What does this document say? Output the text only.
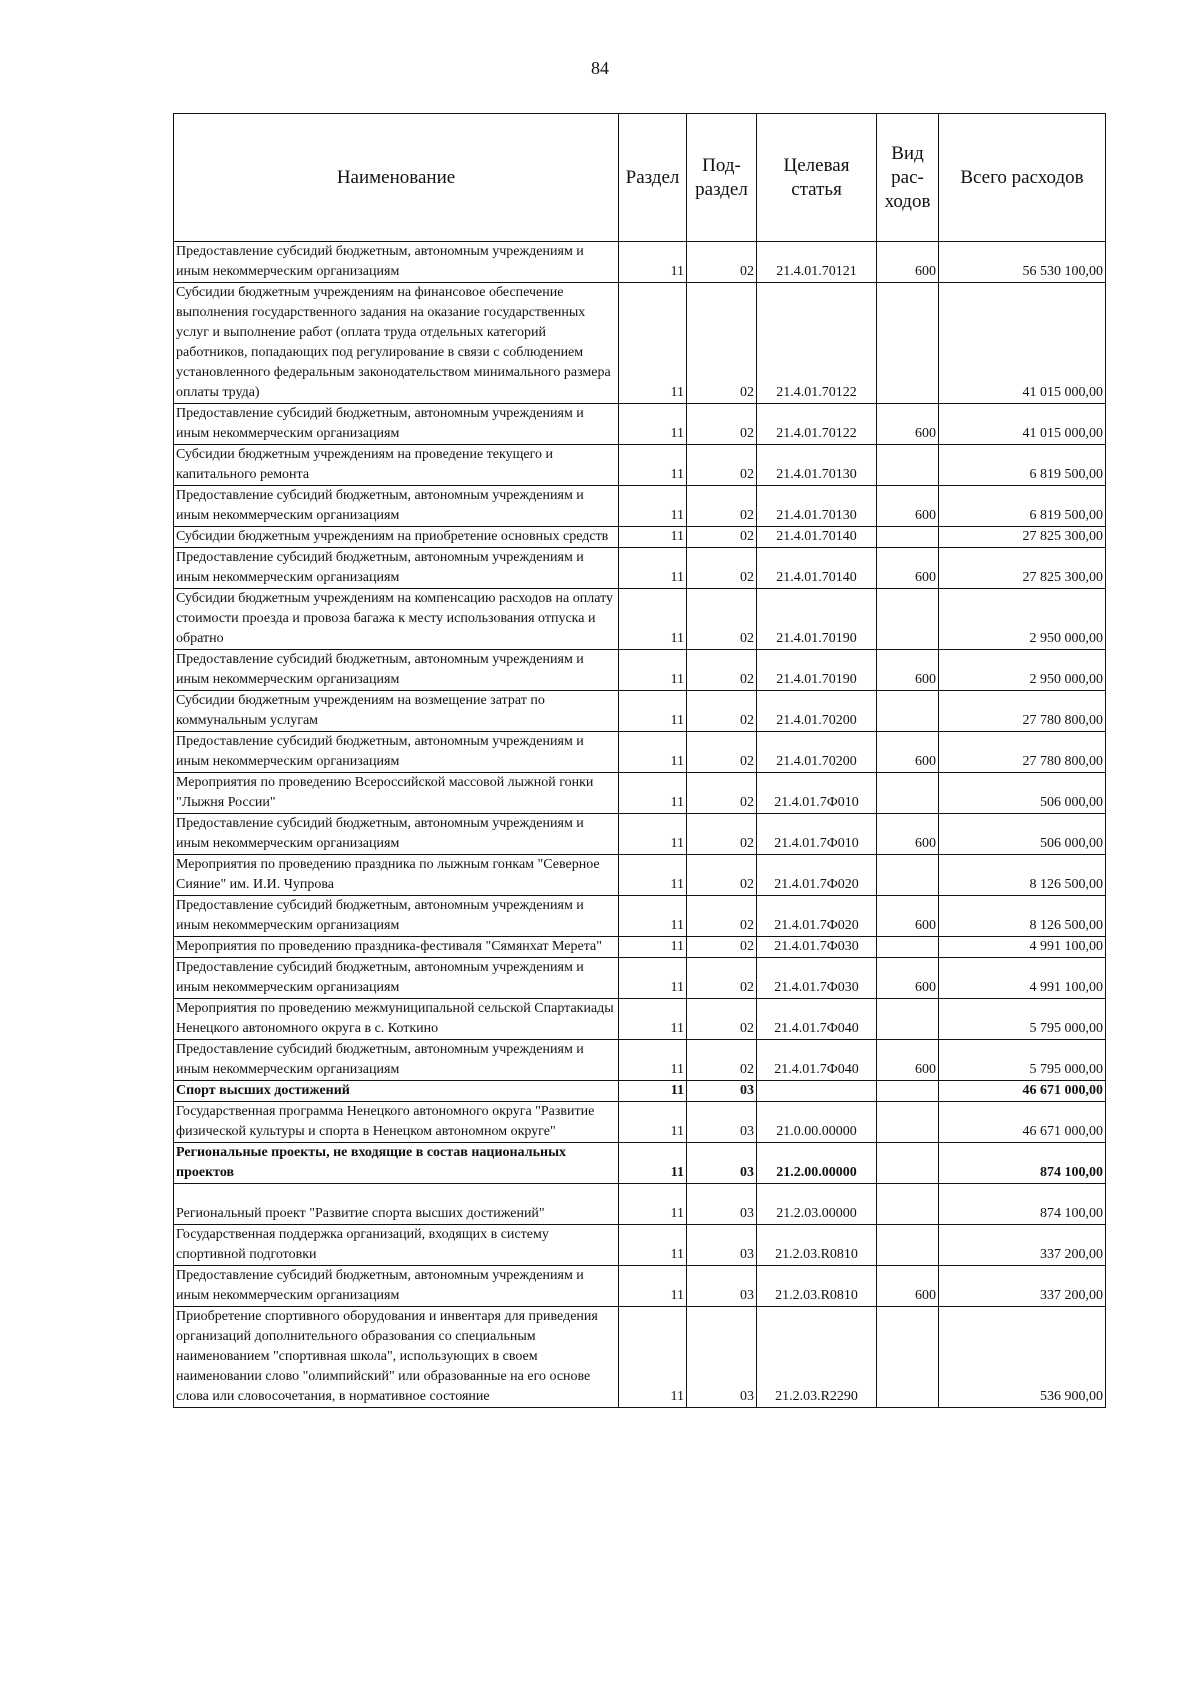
84
Наименование	Раздел	Под-раздел	Целевая статья	Вид рас-ходов	Всего расходов
Предоставление субсидий бюджетным, автономным учреждениям и иным некоммерческим организациям	11	02	21.4.01.70121	600	56 530 100,00
Субсидии бюджетным учреждениям на финансовое обеспечение выполнения государственного задания на оказание государственных услуг и выполнение работ (оплата труда отдельных категорий работников, попадающих под регулирование в связи с соблюдением установленного федеральным законодательством минимального размера оплаты труда)	11	02	21.4.01.70122		41 015 000,00
Предоставление субсидий бюджетным, автономным учреждениям и иным некоммерческим организациям	11	02	21.4.01.70122	600	41 015 000,00
Субсидии бюджетным учреждениям на проведение текущего и капитального ремонта	11	02	21.4.01.70130		6 819 500,00
Предоставление субсидий бюджетным, автономным учреждениям и иным некоммерческим организациям	11	02	21.4.01.70130	600	6 819 500,00
Субсидии бюджетным учреждениям на приобретение основных средств	11	02	21.4.01.70140		27 825 300,00
Предоставление субсидий бюджетным, автономным учреждениям и иным некоммерческим организациям	11	02	21.4.01.70140	600	27 825 300,00
Субсидии бюджетным учреждениям на компенсацию расходов на оплату стоимости проезда и провоза багажа к месту использования отпуска и обратно	11	02	21.4.01.70190		2 950 000,00
Предоставление субсидий бюджетным, автономным учреждениям и иным некоммерческим организациям	11	02	21.4.01.70190	600	2 950 000,00
Субсидии бюджетным учреждениям на возмещение затрат по коммунальным услугам	11	02	21.4.01.70200		27 780 800,00
Предоставление субсидий бюджетным, автономным учреждениям и иным некоммерческим организациям	11	02	21.4.01.70200	600	27 780 800,00
Мероприятия по проведению Всероссийской массовой лыжной гонки "Лыжня России"	11	02	21.4.01.7Ф010		506 000,00
Предоставление субсидий бюджетным, автономным учреждениям и иным некоммерческим организациям	11	02	21.4.01.7Ф010	600	506 000,00
Мероприятия по проведению праздника по лыжным гонкам "Северное Сияние" им. И.И. Чупрова	11	02	21.4.01.7Ф020		8 126 500,00
Предоставление субсидий бюджетным, автономным учреждениям и иным некоммерческим организациям	11	02	21.4.01.7Ф020	600	8 126 500,00
Мероприятия по проведению праздника-фестиваля "Сямянхат Мерета"	11	02	21.4.01.7Ф030		4 991 100,00
Предоставление субсидий бюджетным, автономным учреждениям и иным некоммерческим организациям	11	02	21.4.01.7Ф030	600	4 991 100,00
Мероприятия по проведению межмуниципальной сельской Спартакиады Ненецкого автономного округа в с. Коткино	11	02	21.4.01.7Ф040		5 795 000,00
Предоставление субсидий бюджетным, автономным учреждениям и иным некоммерческим организациям	11	02	21.4.01.7Ф040	600	5 795 000,00
Спорт высших достижений	11	03			46 671 000,00
Государственная программа Ненецкого автономного округа "Развитие физической культуры и спорта в Ненецком автономном округе"	11	03	21.0.00.00000		46 671 000,00
Региональные проекты, не входящие в состав национальных проектов	11	03	21.2.00.00000		874 100,00
Региональный проект "Развитие спорта высших достижений"	11	03	21.2.03.00000		874 100,00
Государственная поддержка организаций, входящих в систему спортивной подготовки	11	03	21.2.03.R0810		337 200,00
Предоставление субсидий бюджетным, автономным учреждениям и иным некоммерческим организациям	11	03	21.2.03.R0810	600	337 200,00
Приобретение спортивного оборудования и инвентаря для приведения организаций дополнительного образования со специальным наименованием "спортивная школа", использующих в своем наименовании слово "олимпийский" или образованные на его основе слова или словосочетания, в нормативное состояние	11	03	21.2.03.R2290		536 900,00
